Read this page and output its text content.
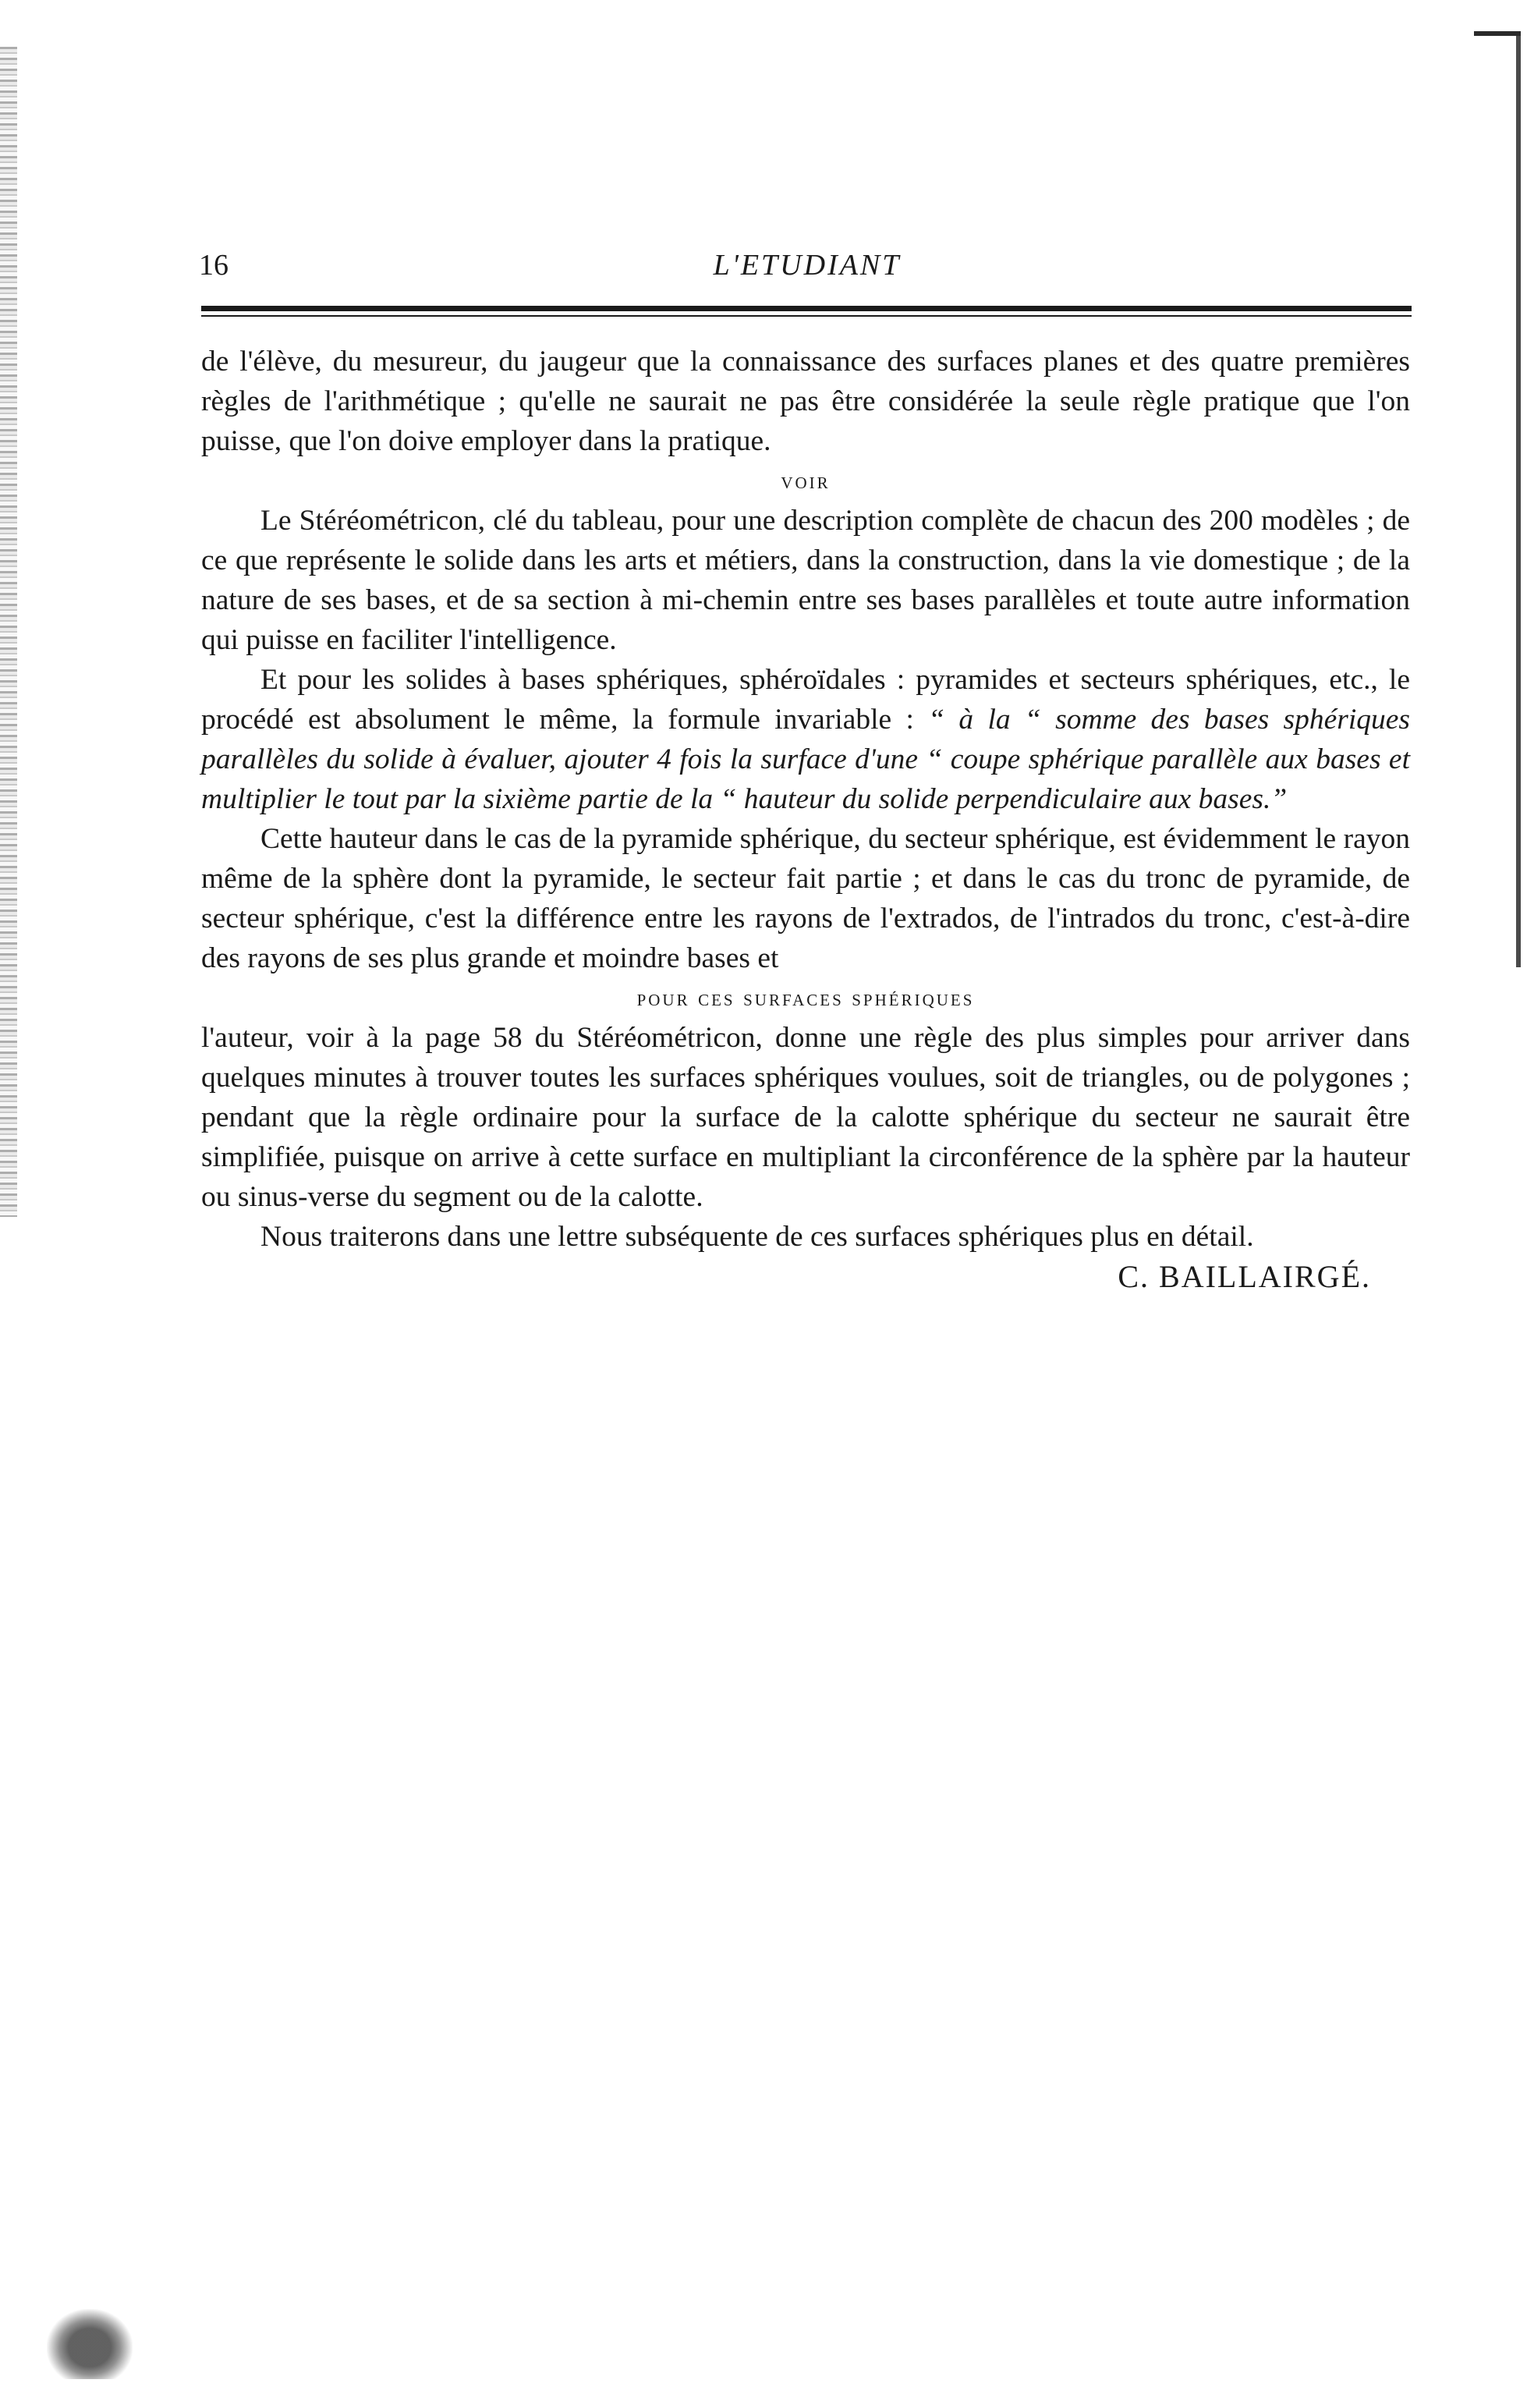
16	L'ETUDIANT

de l'élève, du mesureur, du jaugeur que la connaissance des surfaces planes et des quatre premières règles de l'arithmétique ; qu'elle ne saurait ne pas être considérée la seule règle pratique que l'on puisse, que l'on doive employer dans la pratique.

voir

Le Stéréométricon, clé du tableau, pour une description complète de chacun des 200 modèles ; de ce que représente le solide dans les arts et métiers, dans la construction, dans la vie domestique ; de la nature de ses bases, et de sa section à mi-chemin entre ses bases parallèles et toute autre information qui puisse en faciliter l'intelligence.

Et pour les solides à bases sphériques, sphéroïdales : pyramides et secteurs sphériques, etc., le procédé est absolument le même, la formule invariable : “ à la “ somme des bases sphériques parallèles du solide à évaluer, ajouter 4 fois la surface d'une “ coupe sphérique parallèle aux bases et multiplier le tout par la sixième partie de la “ hauteur du solide perpendiculaire aux bases.”

Cette hauteur dans le cas de la pyramide sphérique, du secteur sphérique, est évidemment le rayon même de la sphère dont la pyramide, le secteur fait partie ; et dans le cas du tronc de pyramide, de secteur sphérique, c'est la différence entre les rayons de l'extrados, de l'intrados du tronc, c'est-à-dire des rayons de ses plus grande et moindre bases et

pour ces surfaces sphériques

l'auteur, voir à la page 58 du Stéréométricon, donne une règle des plus simples pour arriver dans quelques minutes à trouver toutes les surfaces sphériques voulues, soit de triangles, ou de polygones ; pendant que la règle ordinaire pour la surface de la calotte sphérique du secteur ne saurait être simplifiée, puisque on arrive à cette surface en multipliant la circonférence de la sphère par la hauteur ou sinus-verse du segment ou de la calotte.

Nous traiterons dans une lettre subséquente de ces surfaces sphériques plus en détail.

C. BAILLAIRGÉ.
